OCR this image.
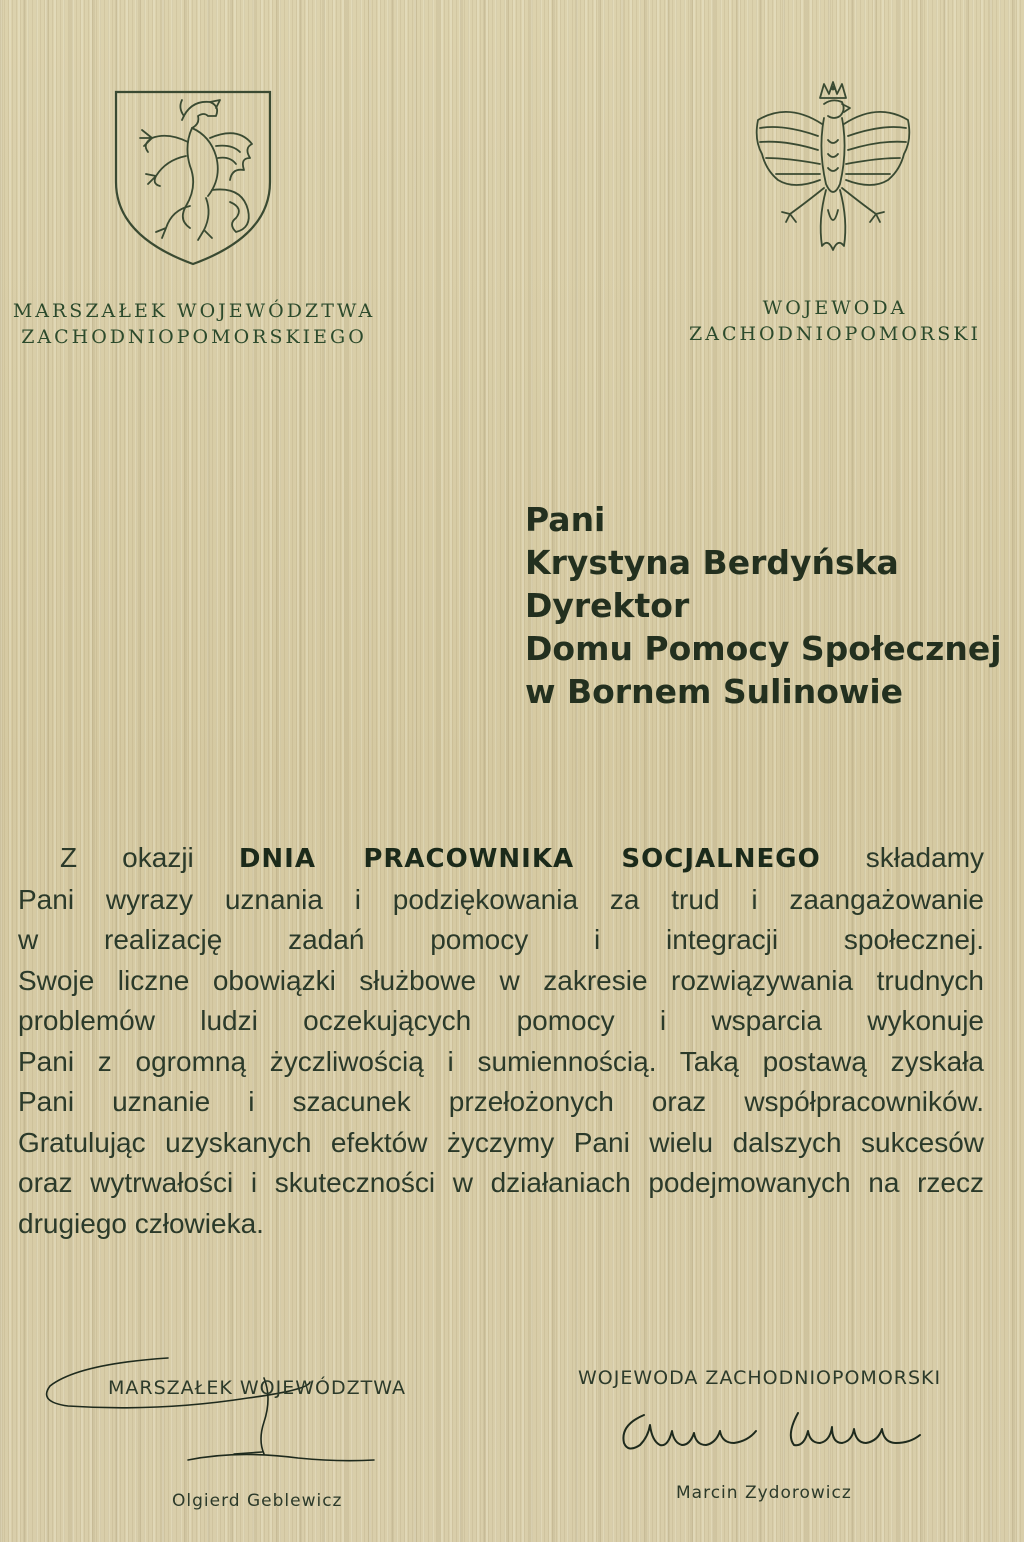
MARSZAŁEK WOJEWÓDZTWA
ZACHODNIOPOMORSKIEGO
WOJEWODA
ZACHODNIOPOMORSKI
Pani
Krystyna Berdyńska
Dyrektor
Domu Pomocy Społecznej
w Bornem Sulinowie
Z okazji DNIA PRACOWNIKA SOCJALNEGO składamy
Pani wyrazy uznania i podziękowania za trud i zaangażowanie
w realizację zadań pomocy i integracji społecznej.
Swoje liczne obowiązki służbowe w zakresie rozwiązywania trudnych
problemów ludzi oczekujących pomocy i wsparcia wykonuje
Pani z ogromną życzliwością i sumiennością. Taką postawą zyskała
Pani uznanie i szacunek przełożonych oraz współpracowników.
Gratulując uzyskanych efektów życzymy Pani wielu dalszych sukcesów
oraz wytrwałości i skuteczności w działaniach podejmowanych na rzecz
drugiego człowieka.
MARSZAŁEK WOJEWÓDZTWA
Olgierd Geblewicz
WOJEWODA ZACHODNIOPOMORSKI
Marcin Zydorowicz
